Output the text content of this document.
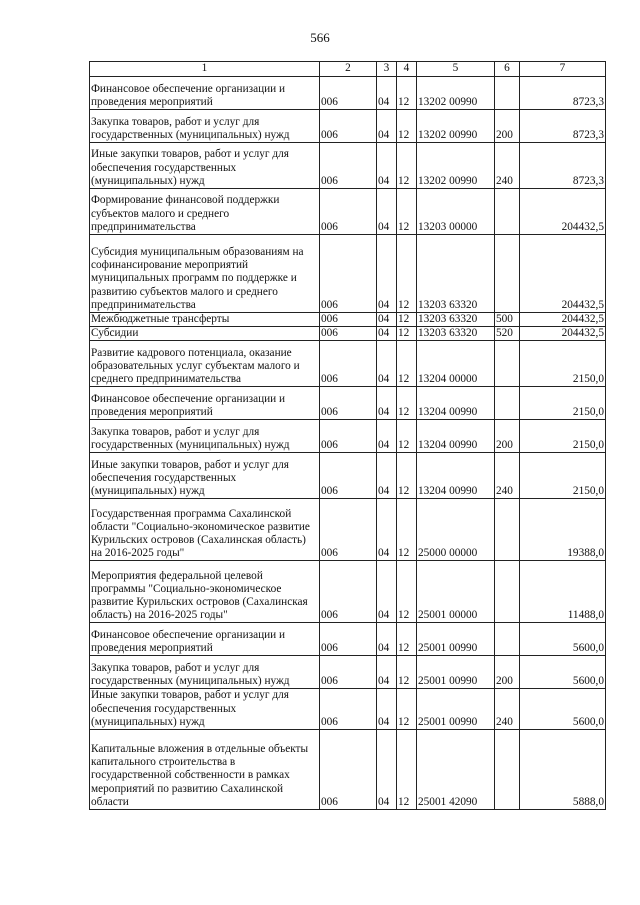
566
1	2	3	4	5	6	7
Финансовое обеспечение организации и проведения мероприятий	006	04	12	13202 00990		8723,3
Закупка товаров, работ и услуг для государственных (муниципальных) нужд	006	04	12	13202 00990	200	8723,3
Иные закупки товаров, работ и услуг для обеспечения государственных (муниципальных) нужд	006	04	12	13202 00990	240	8723,3
Формирование финансовой поддержки субъектов малого и среднего предпринимательства	006	04	12	13203 00000		204432,5
Субсидия муниципальным образованиям на софинансирование мероприятий муниципальных программ по поддержке и развитию субъектов малого и среднего предпринимательства	006	04	12	13203 63320		204432,5
Межбюджетные трансферты	006	04	12	13203 63320	500	204432,5
Субсидии	006	04	12	13203 63320	520	204432,5
Развитие кадрового потенциала, оказание образовательных услуг субъектам малого и среднего предпринимательства	006	04	12	13204 00000		2150,0
Финансовое обеспечение организации и проведения мероприятий	006	04	12	13204 00990		2150,0
Закупка товаров, работ и услуг для государственных (муниципальных) нужд	006	04	12	13204 00990	200	2150,0
Иные закупки товаров, работ и услуг для обеспечения государственных (муниципальных) нужд	006	04	12	13204 00990	240	2150,0
Государственная программа Сахалинской области "Социально-экономическое развитие Курильских островов (Сахалинская область) на 2016-2025 годы"	006	04	12	25000 00000		19388,0
Мероприятия федеральной целевой программы "Социально-экономическое развитие Курильских островов (Сахалинская область) на 2016-2025 годы"	006	04	12	25001 00000		11488,0
Финансовое обеспечение организации и проведения мероприятий	006	04	12	25001 00990		5600,0
Закупка товаров, работ и услуг для государственных (муниципальных) нужд	006	04	12	25001 00990	200	5600,0
Иные закупки товаров, работ и услуг для обеспечения государственных (муниципальных) нужд	006	04	12	25001 00990	240	5600,0
Капитальные вложения в отдельные объекты капитального строительства в государственной собственности в рамках мероприятий по развитию Сахалинской области	006	04	12	25001 42090		5888,0
